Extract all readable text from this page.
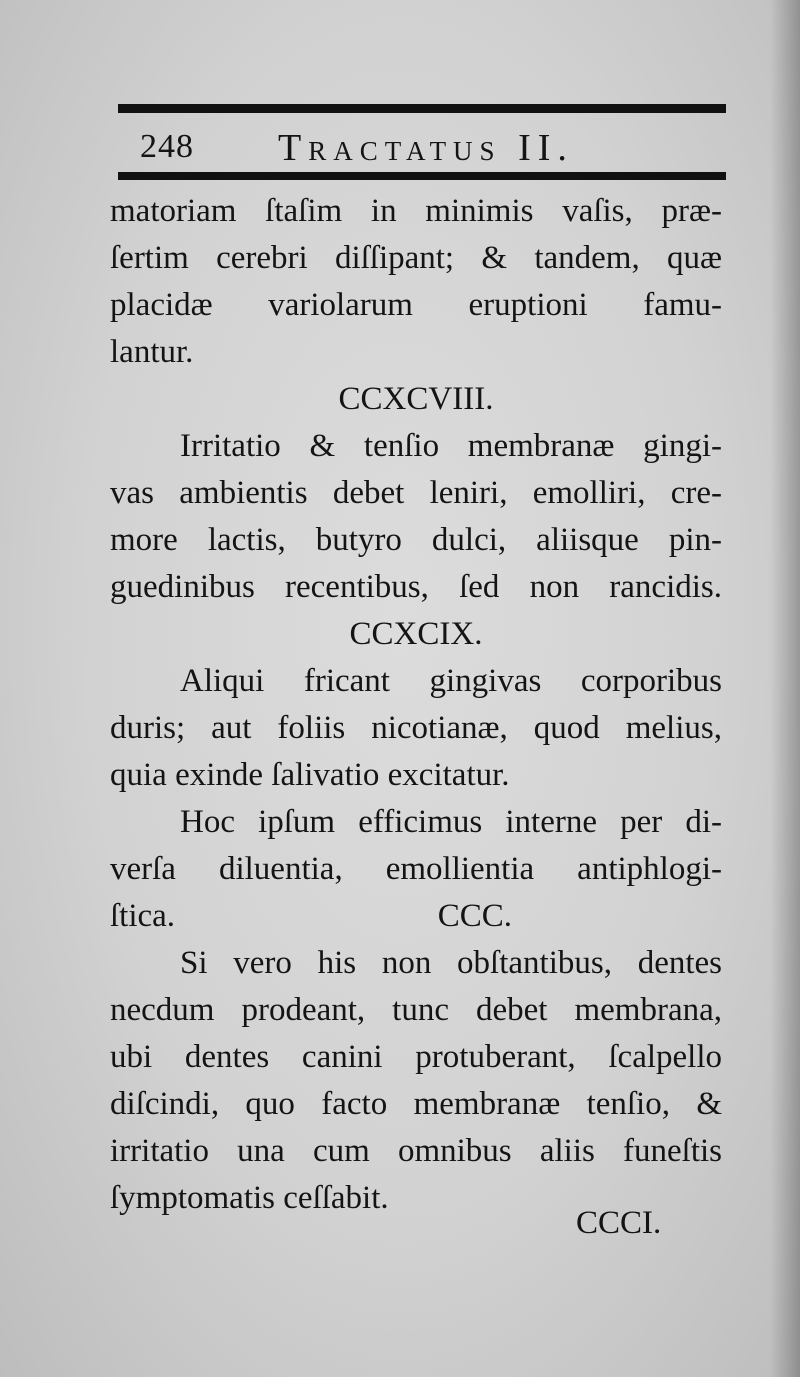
248 Tractatus II.
matoriam ſtaſim in minimis vaſis, præ-
ſertim cerebri diſſipant; & tandem, quæ
placidæ variolarum eruptioni famu-
lantur.
CCXCVIII.
Irritatio & tenſio membranæ gingi-
vas ambientis debet leniri, emolliri, cre-
more lactis, butyro dulci, aliisque pin-
guedinibus recentibus, ſed non rancidis.
CCXCIX.
Aliqui fricant gingivas corporibus
duris; aut foliis nicotianæ, quod melius,
quia exinde ſalivatio excitatur.
Hoc ipſum efficimus interne per di-
verſa diluentia, emollientia antiphlogi-
ſtica.	CCC.
Si vero his non obſtantibus, dentes
necdum prodeant, tunc debet membrana,
ubi dentes canini protuberant, ſcalpello
diſcindi, quo facto membranæ tenſio, &
irritatio una cum omnibus aliis funeſtis
ſymptomatis ceſſabit.
CCCI.
